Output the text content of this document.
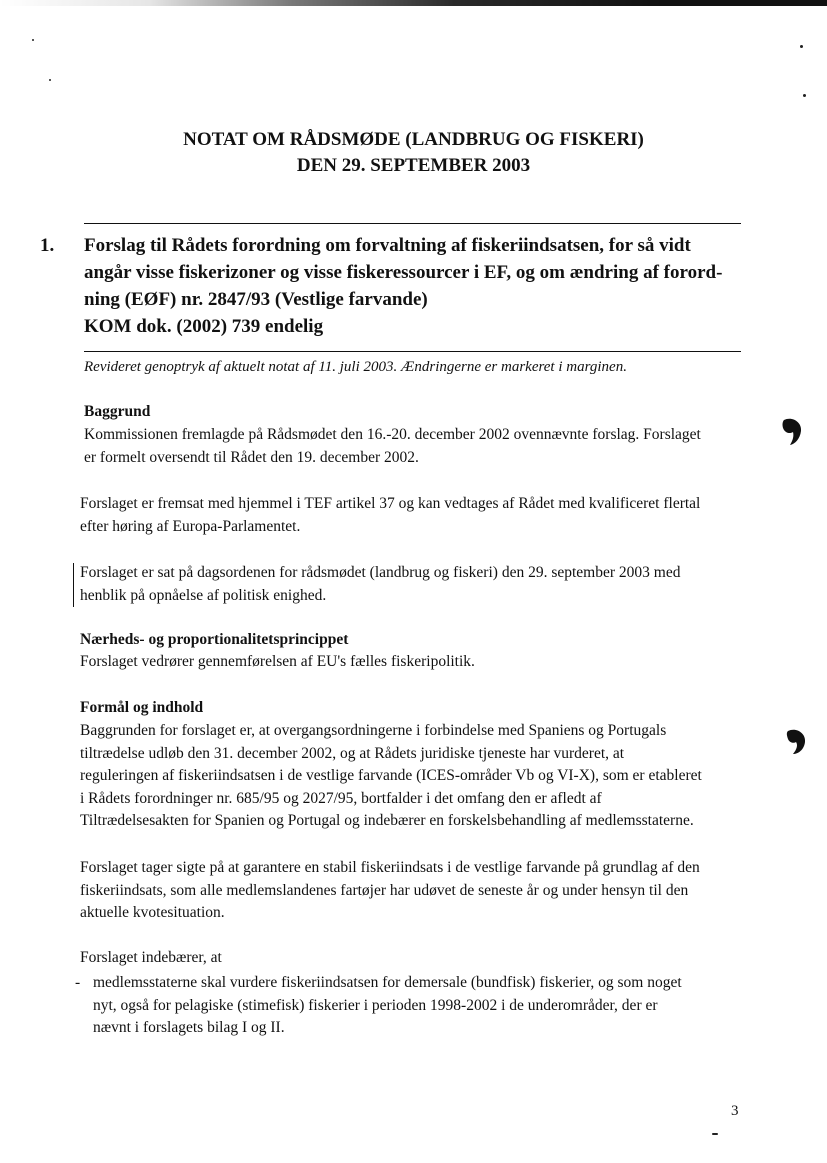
NOTAT OM RÅDSMØDE (LANDBRUG OG FISKERI)
DEN 29. SEPTEMBER 2003
1. Forslag til Rådets forordning om forvaltning af fiskeriindsatsen, for så vidt
angår visse fiskerizoner og visse fiskeressourcer i EF, og om ændring af forord-
ning (EØF) nr. 2847/93 (Vestlige farvande)
KOM dok. (2002) 739 endelig
Revideret genoptryk af aktuelt notat af 11. juli 2003. Ændringerne er markeret i marginen.
Baggrund
Kommissionen fremlagde på Rådsmødet den 16.-20. december 2002 ovennævnte forslag. Forslaget
er formelt oversendt til Rådet den 19. december 2002.
Forslaget er fremsat med hjemmel i TEF artikel 37 og kan vedtages af Rådet med kvalificeret flertal
efter høring af Europa-Parlamentet.
Forslaget er sat på dagsordenen for rådsmødet (landbrug og fiskeri) den 29. september 2003 med
henblik på opnåelse af politisk enighed.
Nærheds- og proportionalitetsprincippet
Forslaget vedrører gennemførelsen af EU's fælles fiskeripolitik.
Formål og indhold
Baggrunden for forslaget er, at overgangsordningerne i forbindelse med Spaniens og Portugals
tiltrædelse udløb den 31. december 2002, og at Rådets juridiske tjeneste har vurderet, at
reguleringen af fiskeriindsatsen i de vestlige farvande (ICES-områder Vb og VI-X), som er etableret
i Rådets forordninger nr. 685/95 og 2027/95, bortfalder i det omfang den er afledt af
Tiltrædelsesakten for Spanien og Portugal og indebærer en forskelsbehandling af medlemsstaterne.
Forslaget tager sigte på at garantere en stabil fiskeriindsats i de vestlige farvande på grundlag af den
fiskeriindsats, som alle medlemslandenes fartøjer har udøvet de seneste år og under hensyn til den
aktuelle kvotesituation.
Forslaget indebærer, at
- medlemsstaterne skal vurdere fiskeriindsatsen for demersale (bundfisk) fiskerier, og som noget
nyt, også for pelagiske (stimefisk) fiskerier i perioden 1998-2002 i de underområder, der er
nævnt i forslagets bilag I og II.
3
